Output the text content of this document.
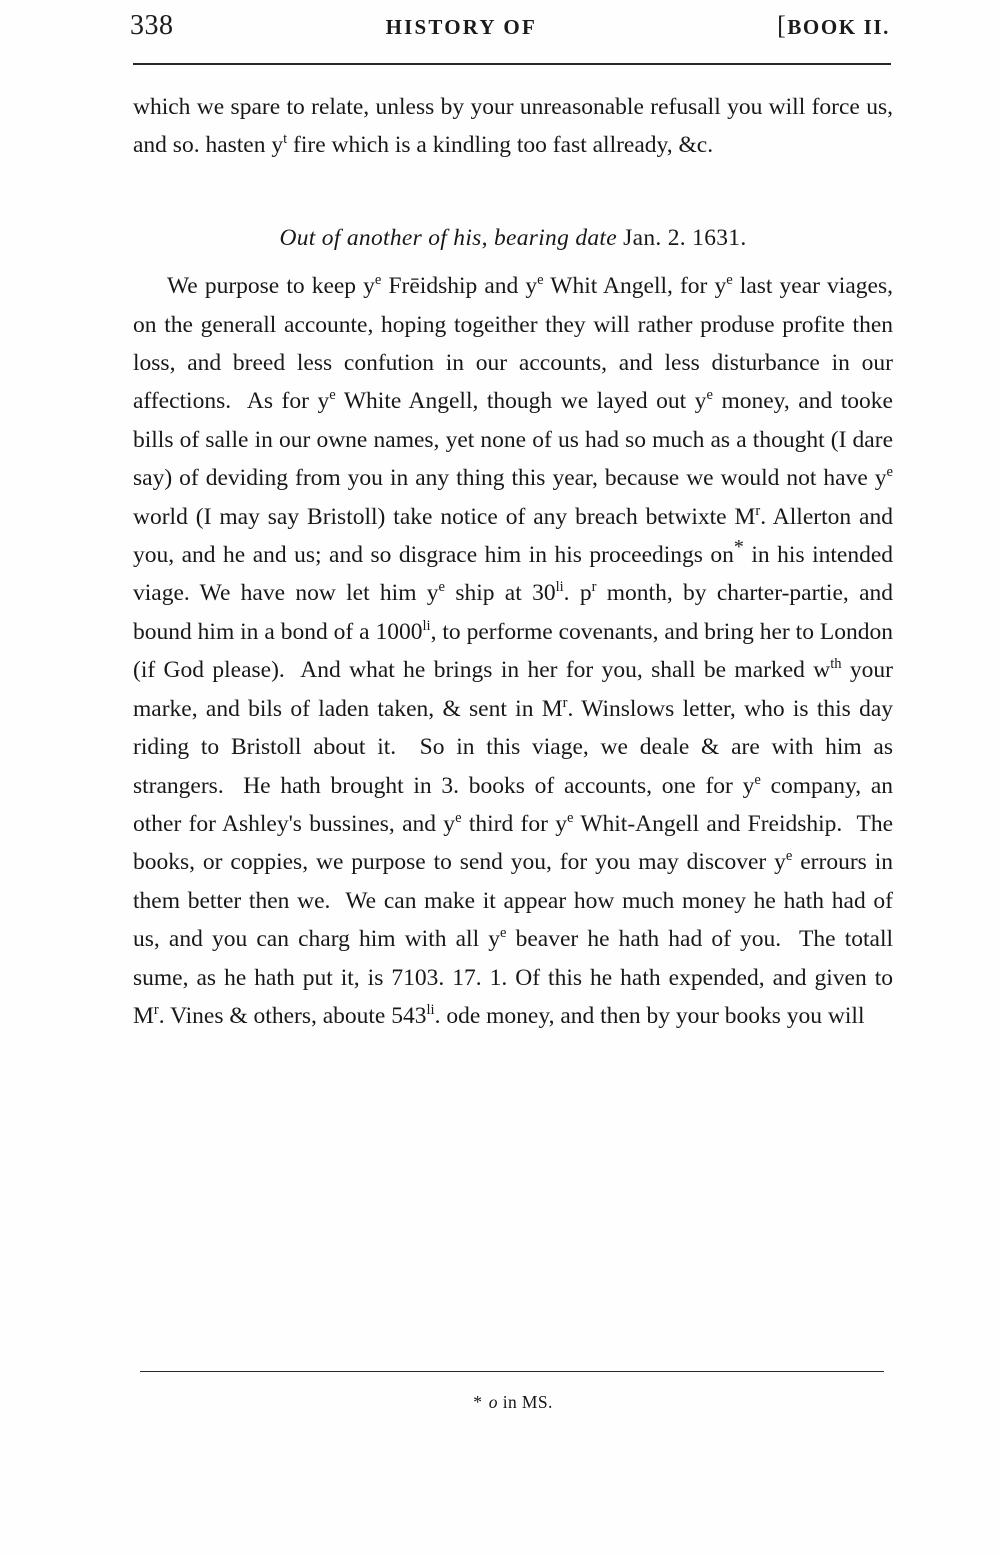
338	HISTORY OF	[BOOK II.

which we spare to relate, unless by your unreasonable refusall you will force us, and so. hasten $y^t$ fire which is a kindling too fast allready, &c.

Out of another of his, bearing date Jan. 2. 1631.

We purpose to keep $y^e$ Frēidship and $y^e$ Whit Angell, for $y^e$ last year viages, on the generall accounte, hoping togeither they will rather produse profite then loss, and breed less confution in our accounts, and less disturbance in our affections.  As for $y^e$ White Angell, though we layed out $y^e$ money, and tooke bills of salle in our owne names, yet none of us had so much as a thought (I dare say) of deviding from you in any thing this year, because we would not have $y^e$ world (I may say Bristoll) take notice of any breach betwixte $M^r$. Allerton and you, and he and us; and so disgrace him in his proceedings on* in his intended viage. We have now let him $y^e$ ship at $30^{li}$. $p^r$ month, by charter-partie, and bound him in a bond of a $1000^{li}$, to performe covenants, and bring her to London (if God please).  And what he brings in her for you, shall be marked $w^{th}$ your marke, and bils of laden taken, & sent in $M^r$. Winslows letter, who is this day riding to Bristoll about it.  So in this viage, we deale & are with him as strangers.  He hath brought in 3. books of accounts, one for $y^e$ company, an other for Ashley's bussines, and $y^e$ third for $y^e$ Whit-Angell and Freidship.  The books, or coppies, we purpose to send you, for you may discover $y^e$ errours in them better then we.  We can make it appear how much money he hath had of us, and you can charg him with all $y^e$ beaver he hath had of you.  The totall sume, as he hath put it, is 7103. 17. 1. Of this he hath expended, and given to $M^r$. Vines & others, aboute $543^{li}$. ode money, and then by your books you will

* o in MS.
